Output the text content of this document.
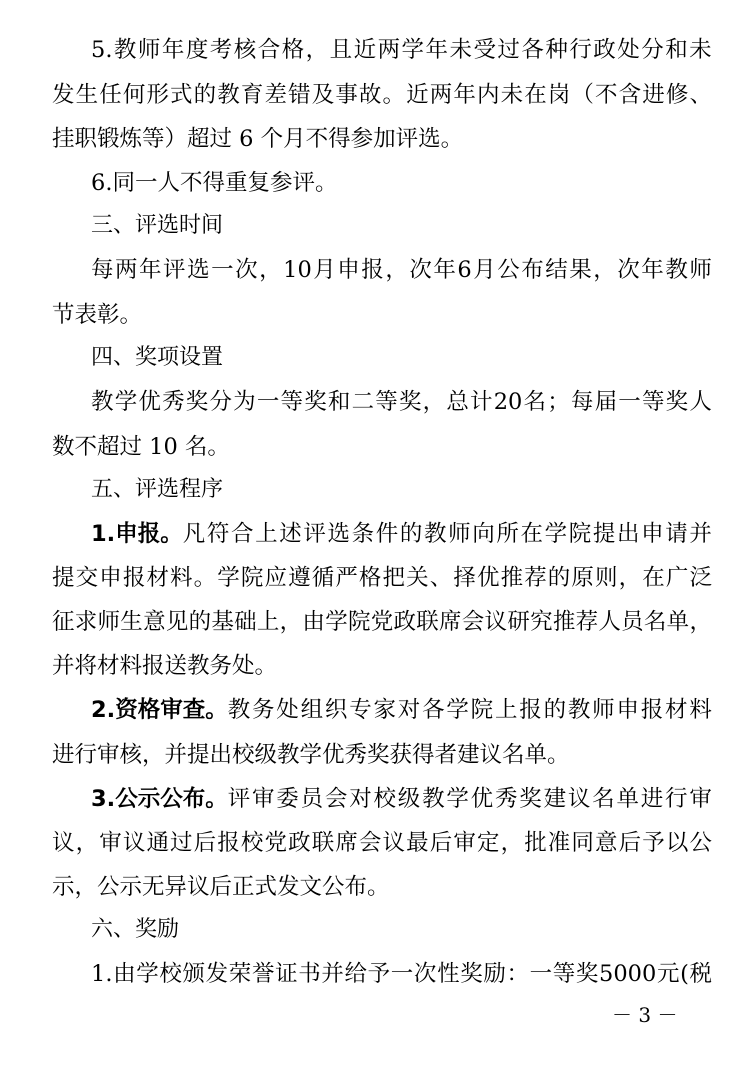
5. 教 师 年 度 考 核 合 格 ， 且 近 两 学 年 未 受 过 各 种 行 政 处 分 和 未
发 生 任 何 形 式 的 教 育 差 错 及 事 故 。 近 两 年 内 未 在 岗 （ 不 含 进 修 、
挂职锻炼等）超过 6 个月不得参加评选。
6.同一人不得重复参评。
三、评选时间
每 两 年 评 选 一 次 ， 10 月 申 报 ， 次 年 6 月 公 布 结 果 ， 次 年 教 师
节表彰。
四、奖项设置
教 学 优 秀 奖 分 为 一 等 奖 和 二 等 奖 ， 总 计 20 名 ； 每 届 一 等 奖 人
数不超过 10 名。
五、评选程序
1.申报。 凡 符 合 上 述 评 选 条 件 的 教 师 向 所 在 学 院 提 出 申 请 并
提 交 申 报 材 料 。 学 院 应 遵 循 严 格 把 关 、 择 优 推 荐 的 原 则 ， 在 广 泛
征 求 师 生 意 见 的 基 础 上 ， 由 学 院 党 政 联 席 会 议 研 究 推 荐 人 员 名 单 ，
并将材料报送教务处。
2.资格审查。 教 务 处 组 织 专 家 对 各 学 院 上 报 的 教 师 申 报 材 料
进行审核，并提出校级教学优秀奖获得者建议名单。
3.公示公布。 评 审 委 员 会 对 校 级 教 学 优 秀 奖 建 议 名 单 进 行 审
议 ， 审 议 通 过 后 报 校 党 政 联 席 会 议 最 后 审 定 ， 批 准 同 意 后 予 以 公
示，公示无异议后正式发文公布。
六、奖励
1. 由 学 校 颁 发 荣 誉 证 书 并 给 予 一 次 性 奖 励 ： 一 等 奖 5000 元 ( 税
－ 3 －
